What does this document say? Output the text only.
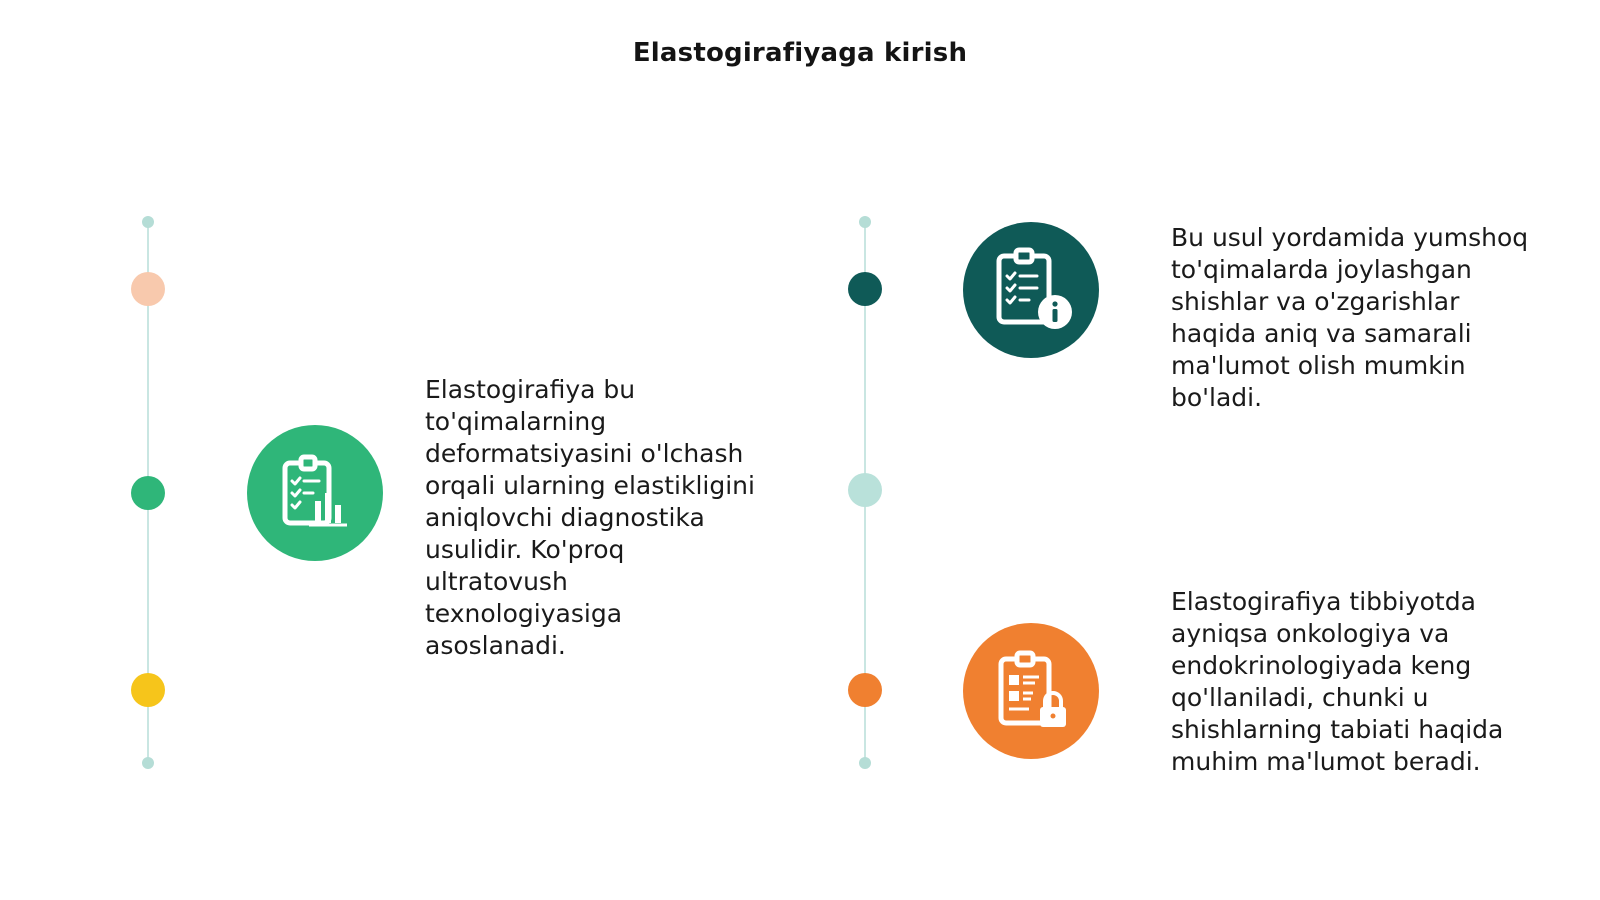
Elastogirafiyaga kirish
Elastogirafiya bu to'qimalarning deformatsiyasini o'lchash orqali ularning elastikligini aniqlovchi diagnostika usulidir. Ko'proq ultratovush texnologiyasiga asoslanadi.
Bu usul yordamida yumshoq to'qimalarda joylashgan shishlar va o'zgarishlar haqida aniq va samarali ma'lumot olish mumkin bo'ladi.
Elastogirafiya tibbiyotda ayniqsa onkologiya va endokrinologiyada keng qo'llaniladi, chunki u shishlarning tabiati haqida muhim ma'lumot beradi.
